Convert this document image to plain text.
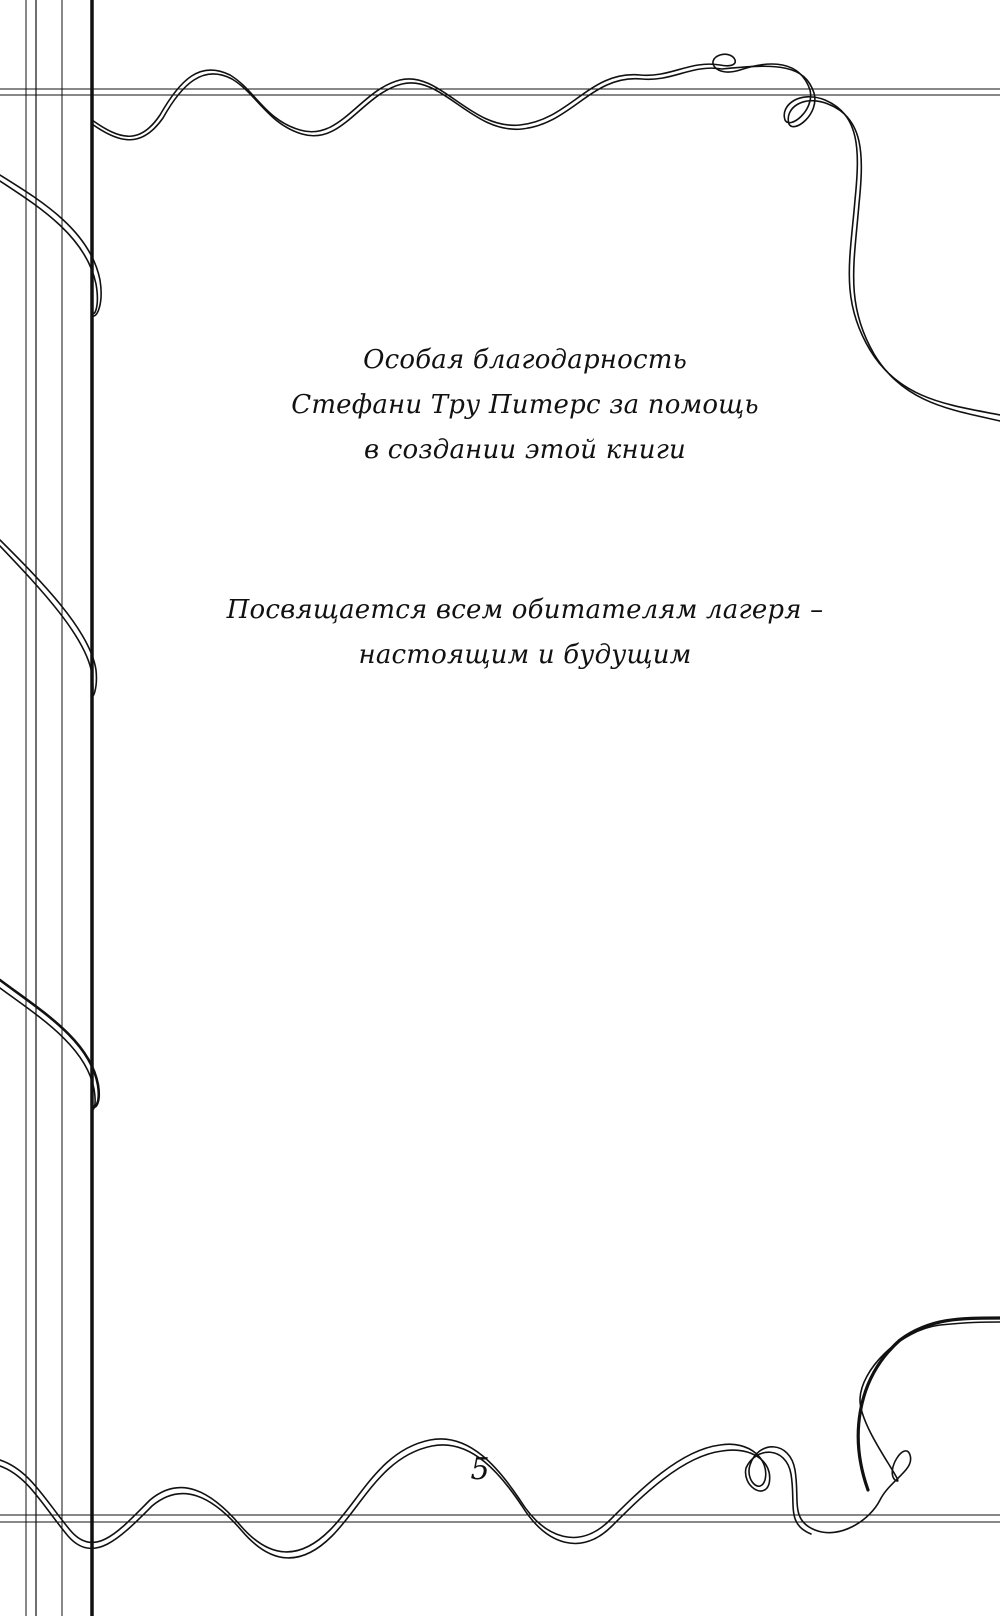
Особая благодарность
Стефани Тру Питерс за помощь
в создании этой книги
Посвящается всем обитателям лагеря –
настоящим и будущим
5
